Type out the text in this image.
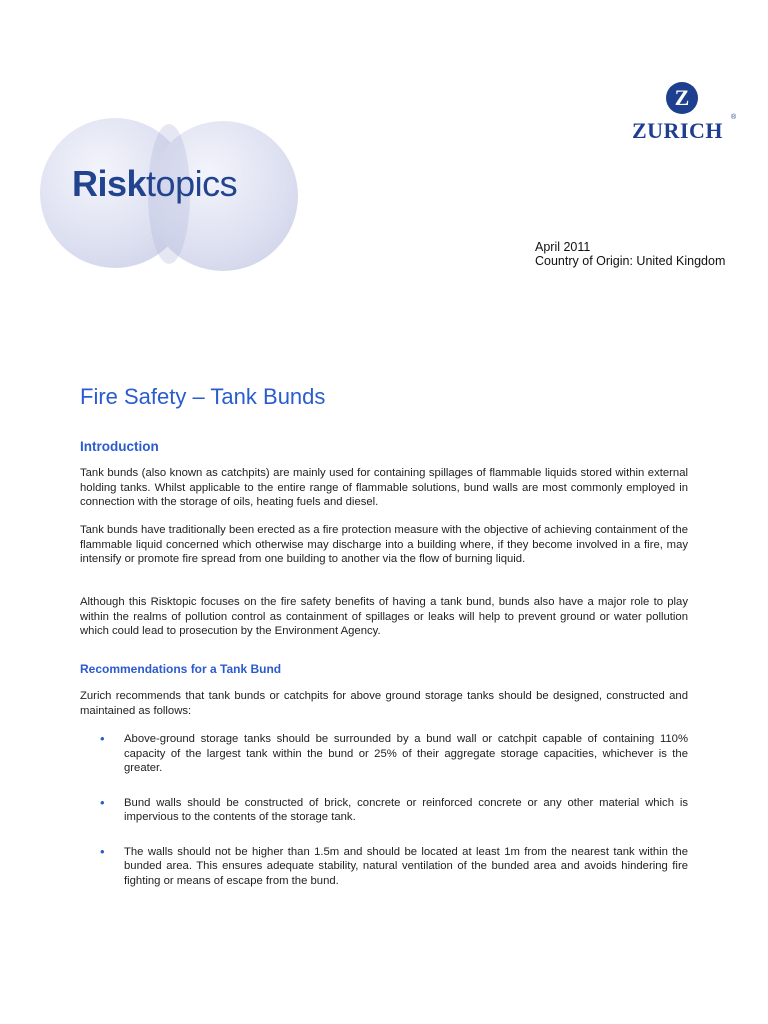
Risktopics
Z
ZURICH
®
April 2011
Country of Origin: United Kingdom
Fire Safety – Tank Bunds
Introduction
Tank bunds (also known as catchpits) are mainly used for containing spillages of flammable liquids stored within external holding tanks. Whilst applicable to the entire range of flammable solutions, bund walls are most commonly employed in connection with the storage of oils, heating fuels and diesel.
Tank bunds have traditionally been erected as a fire protection measure with the objective of achieving containment of the flammable liquid concerned which otherwise may discharge into a building where, if they become involved in a fire, may intensify or promote fire spread from one building to another via the flow of burning liquid.
Although this Risktopic focuses on the fire safety benefits of having a tank bund, bunds also have a major role to play within the realms of pollution control as containment of spillages or leaks will help to prevent ground or water pollution which could lead to prosecution by the Environment Agency.
Recommendations for a Tank Bund
Zurich recommends that tank bunds or catchpits for above ground storage tanks should be designed, constructed and maintained as follows:
• Above-ground storage tanks should be surrounded by a bund wall or catchpit capable of containing 110% capacity of the largest tank within the bund or 25% of their aggregate storage capacities, whichever is the greater.
• Bund walls should be constructed of brick, concrete or reinforced concrete or any other material which is impervious to the contents of the storage tank.
• The walls should not be higher than 1.5m and should be located at least 1m from the nearest tank within the bunded area. This ensures adequate stability, natural ventilation of the bunded area and avoids hindering fire fighting or means of escape from the bund.
